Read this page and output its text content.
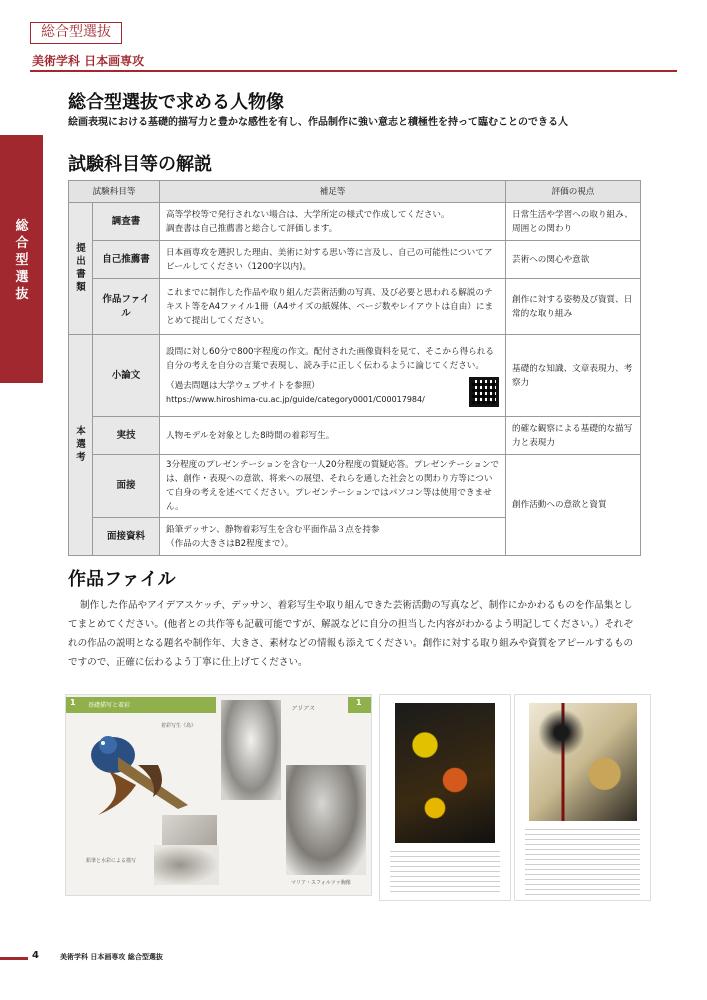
総合型選抜
美術学科 日本画専攻
総合型選抜
総合型選抜で求める人物像
絵画表現における基礎的描写力と豊かな感性を有し、作品制作に強い意志と積極性を持って臨むことのできる人
試験科目等の解説
試験科目等		補足等	評価の視点
提出書類	調査書	高等学校等で発行されない場合は、大学所定の様式で作成してください。
調査書は自己推薦書と総合して評価します。	日常生活や学習への取り組み、周囲との関わり
	自己推薦書	日本画専攻を選択した理由、美術に対する思い等に言及し、自己の可能性についてアピールしてください（1200字以内)。	芸術への関心や意欲
	作品ファイル	これまでに制作した作品や取り組んだ芸術活動の写真、及び必要と思われる解説のテキスト等をA4ファイル1冊（A4サイズの紙媒体、ページ数やレイアウトは自由）にまとめて提出してください。	創作に対する姿勢及び資質、日常的な取り組み
本選考	小論文	設問に対し60分で800字程度の作文。配付された画像資料を見て、そこから得られる自分の考えを自分の言葉で表現し、読み手に正しく伝わるように論じてください。
（過去問題は大学ウェブサイトを参照）
https://www.hiroshima-cu.ac.jp/guide/category0001/C00017984/	基礎的な知識、文章表現力、考察力
	実技	人物モデルを対象とした8時間の着彩写生。	的確な観察による基礎的な描写力と表現力
	面接	3分程度のプレゼンテーションを含む一人20分程度の質疑応答。プレゼンテーションでは、創作・表現への意欲、将来への展望、それらを通した社会との関わり方等について自身の考えを述べてください。プレゼンテーションではパソコン等は使用できません。	創作活動への意欲と資質
	面接資料	鉛筆デッサン、静物着彩写生を含む平面作品３点を持参
（作品の大きさはB2程度まで）。	
作品ファイル
制作した作品やアイデアスケッチ、デッサン、着彩写生や取り組んできた芸術活動の写真など、制作にかかわるものを作品集としてまとめてください。(他者との共作等も記載可能ですが、解説などに自分の担当した内容がわかるよう明記してください。）それぞれの作品の説明となる題名や制作年、大きさ、素材などの情報も添えてください。創作に対する取り組みや資質をアピールするものですので、正確に伝わるよう丁寧に仕上げてください。
1 基礎描写と着彩	1
着彩写生《鳥》
鉛筆と水彩による描写
アリアス
マリア・スフォルツァ胸像
4	美術学科 日本画専攻 総合型選抜
